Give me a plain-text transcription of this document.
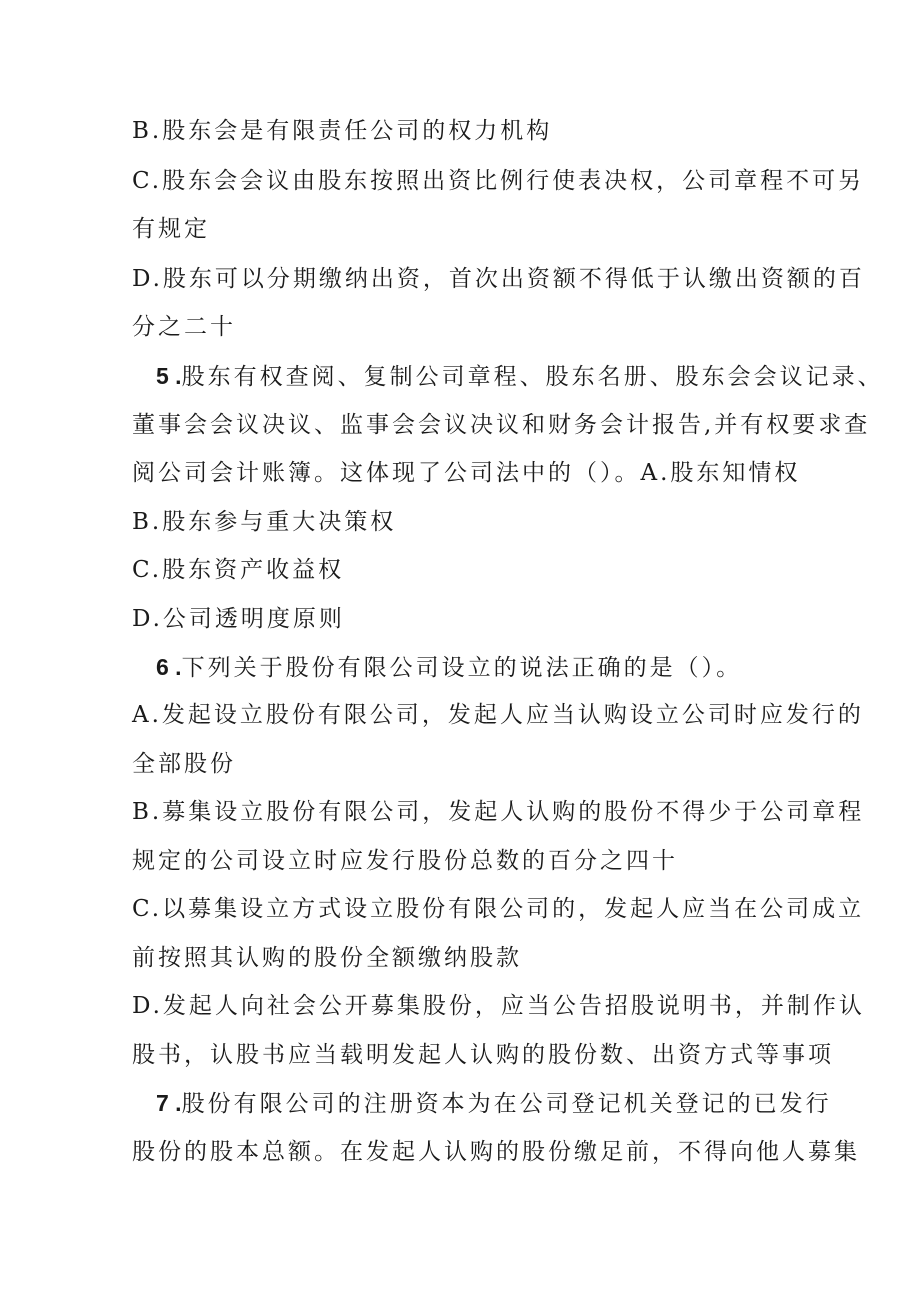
B.股东会是有限责任公司的权力机构
C.股东会会议由股东按照出资比例行使表决权，公司章程不可另
有规定
D.股东可以分期缴纳出资，首次出资额不得低于认缴出资额的百
分之二十
5 .股东有权查阅、复制公司章程、股东名册、股东会会议记录、
董事会会议决议、监事会会议决议和财务会计报告,并有权要求查
阅公司会计账簿。这体现了公司法中的（）。A.股东知情权
B.股东参与重大决策权
C.股东资产收益权
D.公司透明度原则
6 .下列关于股份有限公司设立的说法正确的是（）。
A.发起设立股份有限公司，发起人应当认购设立公司时应发行的
全部股份
B.募集设立股份有限公司，发起人认购的股份不得少于公司章程
规定的公司设立时应发行股份总数的百分之四十
C.以募集设立方式设立股份有限公司的，发起人应当在公司成立
前按照其认购的股份全额缴纳股款
D.发起人向社会公开募集股份，应当公告招股说明书，并制作认
股书，认股书应当载明发起人认购的股份数、出资方式等事项
7 .股份有限公司的注册资本为在公司登记机关登记的已发行
股份的股本总额。在发起人认购的股份缴足前，不得向他人募集
